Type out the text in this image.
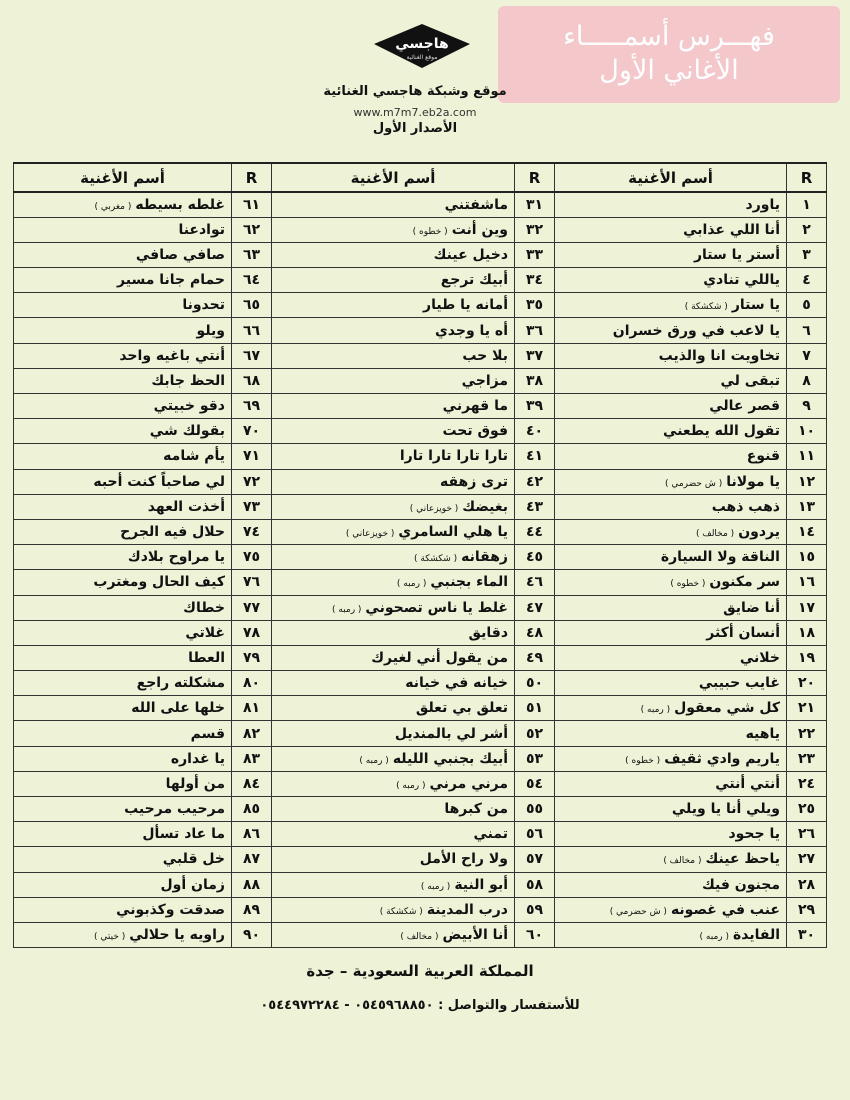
فهـــرس أسمـــــاء
الأغاني الأول
هاجسي
موقع الغنائية
موقع وشبكة هاجسي الغنائية
www.m7m7.eb2a.com
الأصدار الأول
R	أسم الأغنية	R	أسم الأغنية	R	أسم الأغنية
١	ياورد	٣١	ماشفتني	٦١	غلطه بسيطه( مغربي )
٢	أنا اللي عذابي	٣٢	وين أنت( خطوه )	٦٢	توادعنا
٣	أستر يا ستار	٣٣	دخيل عينك	٦٣	صافي صافي
٤	ياللي تنادي	٣٤	أبيك ترجع	٦٤	حمام جانا مسير
٥	يا ستار( شكشكة )	٣٥	أمانه يا طيار	٦٥	تحدونا
٦	يا لاعب في ورق خسران	٣٦	أه يا وجدي	٦٦	ويلو
٧	تخاويت انا والذيب	٣٧	بلا حب	٦٧	أنتي باغيه واحد
٨	تبقى لي	٣٨	مزاجي	٦٨	الحظ جابك
٩	قصر عالي	٣٩	ما قهرني	٦٩	دقو خبيتي
١٠	تقول الله يطعني	٤٠	فوق تحت	٧٠	بقولك شي
١١	قنوع	٤١	تارا تارا تارا تارا	٧١	يأم شامه
١٢	يا مولانا( ش حضرمي )	٤٢	ترى زهقه	٧٢	لي صاحباً كنت أحبه
١٣	ذهب ذهب	٤٣	بغيضك( خويزعاني )	٧٣	أخذت العهد
١٤	يردون( مخالف )	٤٤	يا هلي السامري( خويزعاني )	٧٤	حلال فيه الجرح
١٥	الناقة ولا السيارة	٤٥	زهقانه( شكشكة )	٧٥	يا مراوح بلادك
١٦	سر مكنون( خطوه )	٤٦	الماء بجنبي( رمبه )	٧٦	كيف الحال ومغترب
١٧	أنا ضايق	٤٧	غلط يا ناس تصحوني( رمبه )	٧٧	خطاك
١٨	أنسان أكثر	٤٨	دقايق	٧٨	غلاتي
١٩	خلاني	٤٩	من يقول أني لغيرك	٧٩	العطا
٢٠	غايب حبيبي	٥٠	خيانه في خيانه	٨٠	مشكلته راجع
٢١	كل شي معقول( رمبه )	٥١	تعلق بي تعلق	٨١	خلها على الله
٢٢	ياهيه	٥٢	أشر لي بالمنديل	٨٢	قسم
٢٣	ياريم وادي ثقيف( خطوه )	٥٣	أبيك بجنبي الليله( رمبه )	٨٣	يا غداره
٢٤	أنتي أنتي	٥٤	مرني مرني( رمبه )	٨٤	من أولها
٢٥	ويلي أنا يا ويلي	٥٥	من كبرها	٨٥	مرحيب مرحيب
٢٦	يا جحود	٥٦	تمني	٨٦	ما عاد تسأل
٢٧	ياحظ عينك( مخالف )	٥٧	ولا راح الأمل	٨٧	خل قلبي
٢٨	مجنون فيك	٥٨	أبو النية( رمبه )	٨٨	زمان أول
٢٩	عنب في غصونه( ش حضرمي )	٥٩	درب المدينة( شكشكة )	٨٩	صدقت وكذبوني
٣٠	الفايدة( رمبه )	٦٠	أنا الأبيض( مخالف )	٩٠	راويه يا حلالي( خيتي )
المملكة العربية السعودية – جدة
للأستفسار والتواصل : ٠٥٤٥٩٦٨٨٥٠ - ٠٥٤٤٩٧٢٢٨٤
